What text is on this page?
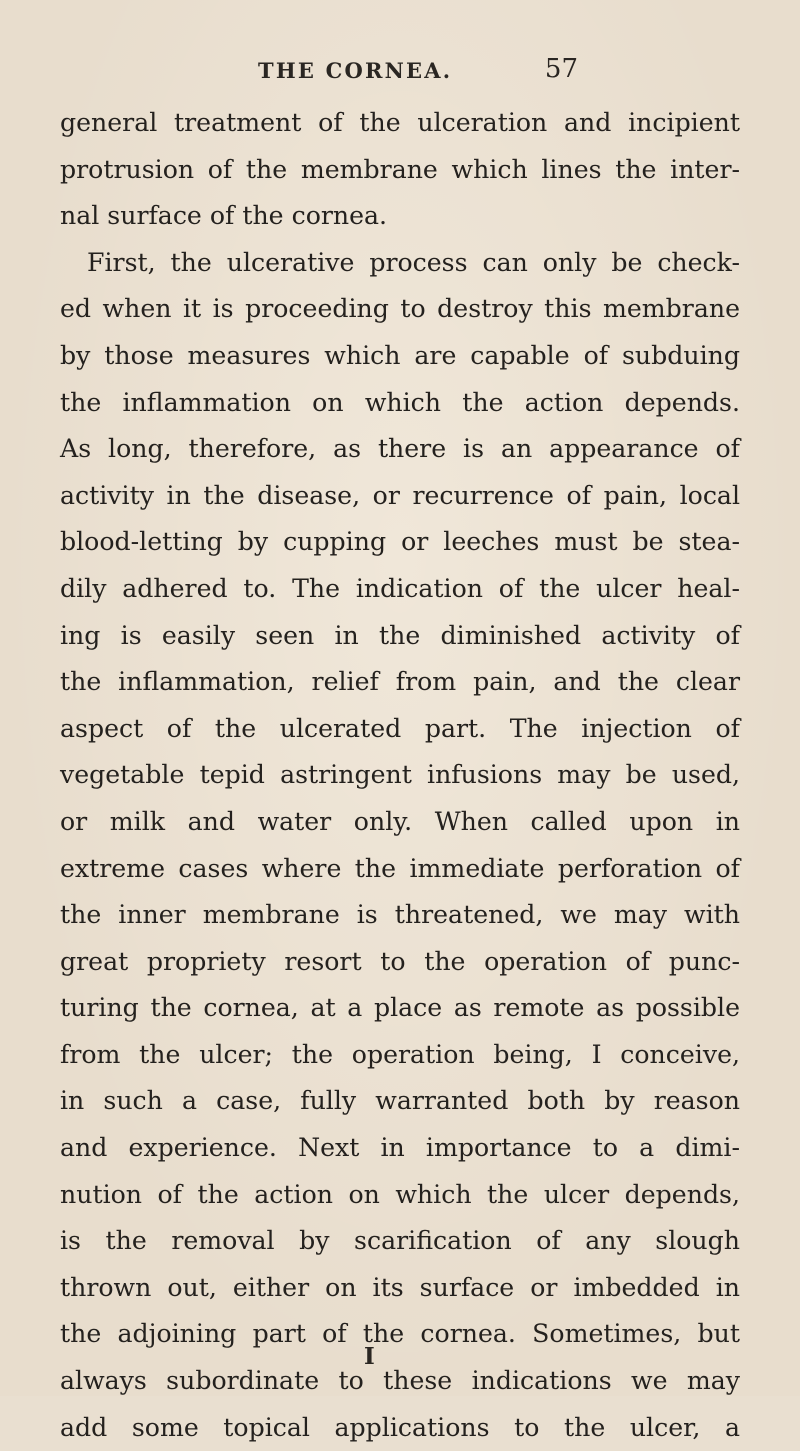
THE CORNEA.	57
general treatment of the ulceration and incipient
protrusion of the membrane which lines the inter-
nal surface of the cornea.
First, the ulcerative process can only be check-
ed when it is proceeding to destroy this membrane
by those measures which are capable of subduing
the inflammation on which the action depends.
As long, therefore, as there is an appearance of
activity in the disease, or recurrence of pain, local
blood-letting by cupping or leeches must be stea-
dily adhered to. The indication of the ulcer heal-
ing is easily seen in the diminished activity of
the inflammation, relief from pain, and the clear
aspect of the ulcerated part. The injection of
vegetable tepid astringent infusions may be used,
or milk and water only. When called upon in
extreme cases where the immediate perforation of
the inner membrane is threatened, we may with
great propriety resort to the operation of punc-
turing the cornea, at a place as remote as possible
from the ulcer; the operation being, I conceive,
in such a case, fully warranted both by reason
and experience. Next in importance to a dimi-
nution of the action on which the ulcer depends,
is the removal by scarification of any slough
thrown out, either on its surface or imbedded in
the adjoining part of the cornea. Sometimes, but
always subordinate to these indications we may
add some topical applications to the ulcer, a
I
